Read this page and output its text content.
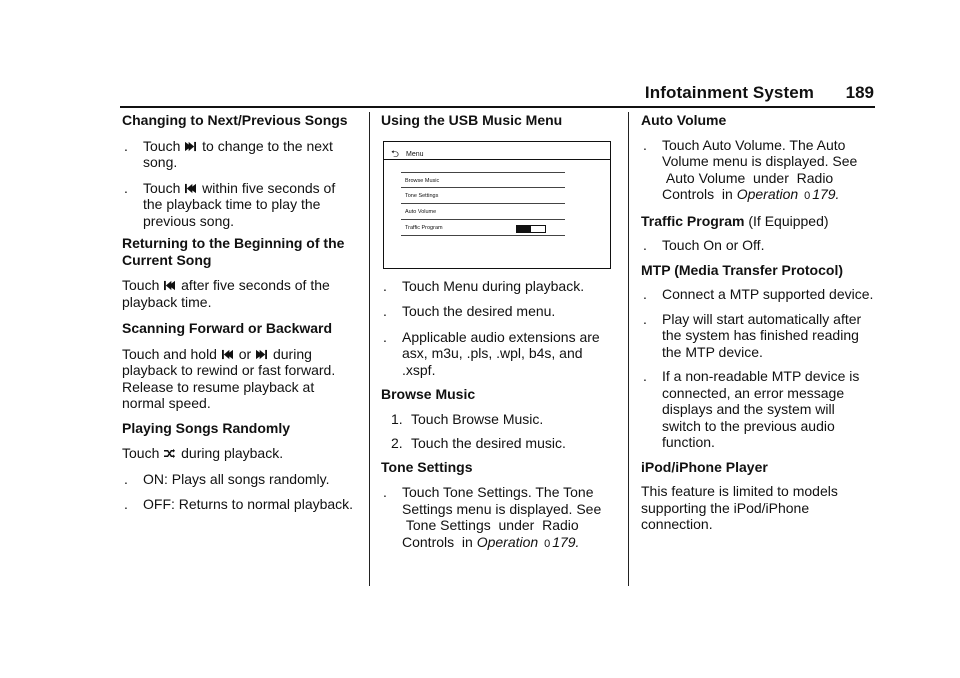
Infotainment System 189

Changing to Next/Previous Songs

. Touch to change to the next song.

. Touch within five seconds of the playback time to play the previous song.

Returning to the Beginning of the Current Song

Touch after five seconds of the playback time.

Scanning Forward or Backward

Touch and hold or during playback to rewind or fast forward. Release to resume playback at normal speed.

Playing Songs Randomly

Touch during playback.

. ON: Plays all songs randomly.

. OFF: Returns to normal playback.

Using the USB Music Menu

⮌ Menu
Browse Music
Tone Settings
Auto Volume
Traffic Program

. Touch Menu during playback.

. Touch the desired menu.

. Applicable audio extensions are asx, m3u, .pls, .wpl, b4s, and .xspf.

Browse Music

1. Touch Browse Music.

2. Touch the desired music.

Tone Settings

. Touch Tone Settings. The Tone Settings menu is displayed. See  Tone Settings  under  Radio Controls  in Operation 0 179.

Auto Volume

. Touch Auto Volume. The Auto Volume menu is displayed. See  Auto Volume  under  Radio Controls  in Operation 0 179.

Traffic Program (If Equipped)

. Touch On or Off.

MTP (Media Transfer Protocol)

. Connect a MTP supported device.

. Play will start automatically after the system has finished reading the MTP device.

. If a non-readable MTP device is connected, an error message displays and the system will switch to the previous audio function.

iPod/iPhone Player

This feature is limited to models supporting the iPod/iPhone connection.
